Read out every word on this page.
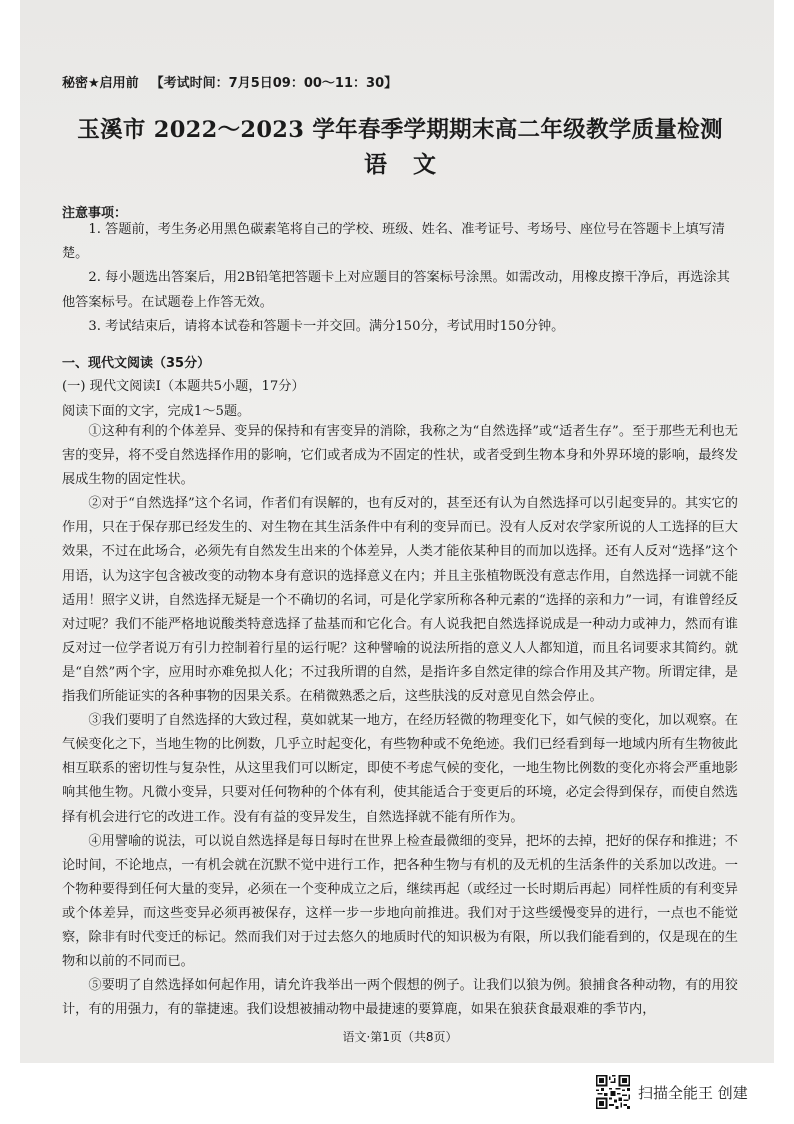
秘密★启用前 【考试时间：7月5日09：00～11：30】
玉溪市 2022～2023 学年春季学期期末高二年级教学质量检测
语文
注意事项：

1. 答题前，考生务必用黑色碳素笔将自己的学校、班级、姓名、准考证号、考场号、座位号在答题卡上填写清楚。

2. 每小题选出答案后，用2B铅笔把答题卡上对应题目的答案标号涂黑。如需改动，用橡皮擦干净后，再选涂其他答案标号。在试题卷上作答无效。

3. 考试结束后，请将本试卷和答题卡一并交回。满分150分，考试用时150分钟。

一、现代文阅读（35分）
(一) 现代文阅读Ⅰ（本题共5小题，17分）
阅读下面的文字，完成1～5题。

①这种有利的个体差异、变异的保持和有害变异的消除，我称之为“自然选择”或“适者生存”。至于那些无利也无害的变异，将不受自然选择作用的影响，它们或者成为不固定的性状，或者受到生物本身和外界环境的影响，最终发展成生物的固定性状。

②对于“自然选择”这个名词，作者们有误解的，也有反对的，甚至还有认为自然选择可以引起变异的。其实它的作用，只在于保存那已经发生的、对生物在其生活条件中有利的变异而已。没有人反对农学家所说的人工选择的巨大效果，不过在此场合，必须先有自然发生出来的个体差异，人类才能依某种目的而加以选择。还有人反对“选择”这个用语，认为这字包含被改变的动物本身有意识的选择意义在内；并且主张植物既没有意志作用，自然选择一词就不能适用！照字义讲，自然选择无疑是一个不确切的名词，可是化学家所称各种元素的“选择的亲和力”一词，有谁曾经反对过呢？我们不能严格地说酸类特意选择了盐基而和它化合。有人说我把自然选择说成是一种动力或神力，然而有谁反对过一位学者说万有引力控制着行星的运行呢？这种譬喻的说法所指的意义人人都知道，而且名词要求其简约。就是“自然”两个字，应用时亦难免拟人化；不过我所谓的自然，是指许多自然定律的综合作用及其产物。所谓定律，是指我们所能证实的各种事物的因果关系。在稍微熟悉之后，这些肤浅的反对意见自然会停止。

③我们要明了自然选择的大致过程，莫如就某一地方，在经历轻微的物理变化下，如气候的变化，加以观察。在气候变化之下，当地生物的比例数，几乎立时起变化，有些物种或不免绝迹。我们已经看到每一地域内所有生物彼此相互联系的密切性与复杂性，从这里我们可以断定，即使不考虑气候的变化，一地生物比例数的变化亦将会严重地影响其他生物。凡微小变异，只要对任何物种的个体有利，使其能适合于变更后的环境，必定会得到保存，而使自然选择有机会进行它的改进工作。没有有益的变异发生，自然选择就不能有所作为。

④用譬喻的说法，可以说自然选择是每日每时在世界上检查最微细的变异，把坏的去掉，把好的保存和推进；不论时间，不论地点，一有机会就在沉默不觉中进行工作，把各种生物与有机的及无机的生活条件的关系加以改进。一个物种要得到任何大量的变异，必须在一个变种成立之后，继续再起（或经过一长时期后再起）同样性质的有利变异或个体差异，而这些变异必须再被保存，这样一步一步地向前推进。我们对于这些缓慢变异的进行，一点也不能觉察，除非有时代变迁的标记。然而我们对于过去悠久的地质时代的知识极为有限，所以我们能看到的，仅是现在的生物和以前的不同而已。

⑤要明了自然选择如何起作用，请允许我举出一两个假想的例子。让我们以狼为例。狼捕食各种动物，有的用狡计，有的用强力，有的靠捷速。我们设想被捕动物中最捷速的要算鹿，如果在狼获食最艰难的季节内，

语文·第1页（共8页）
扫描全能王 创建
